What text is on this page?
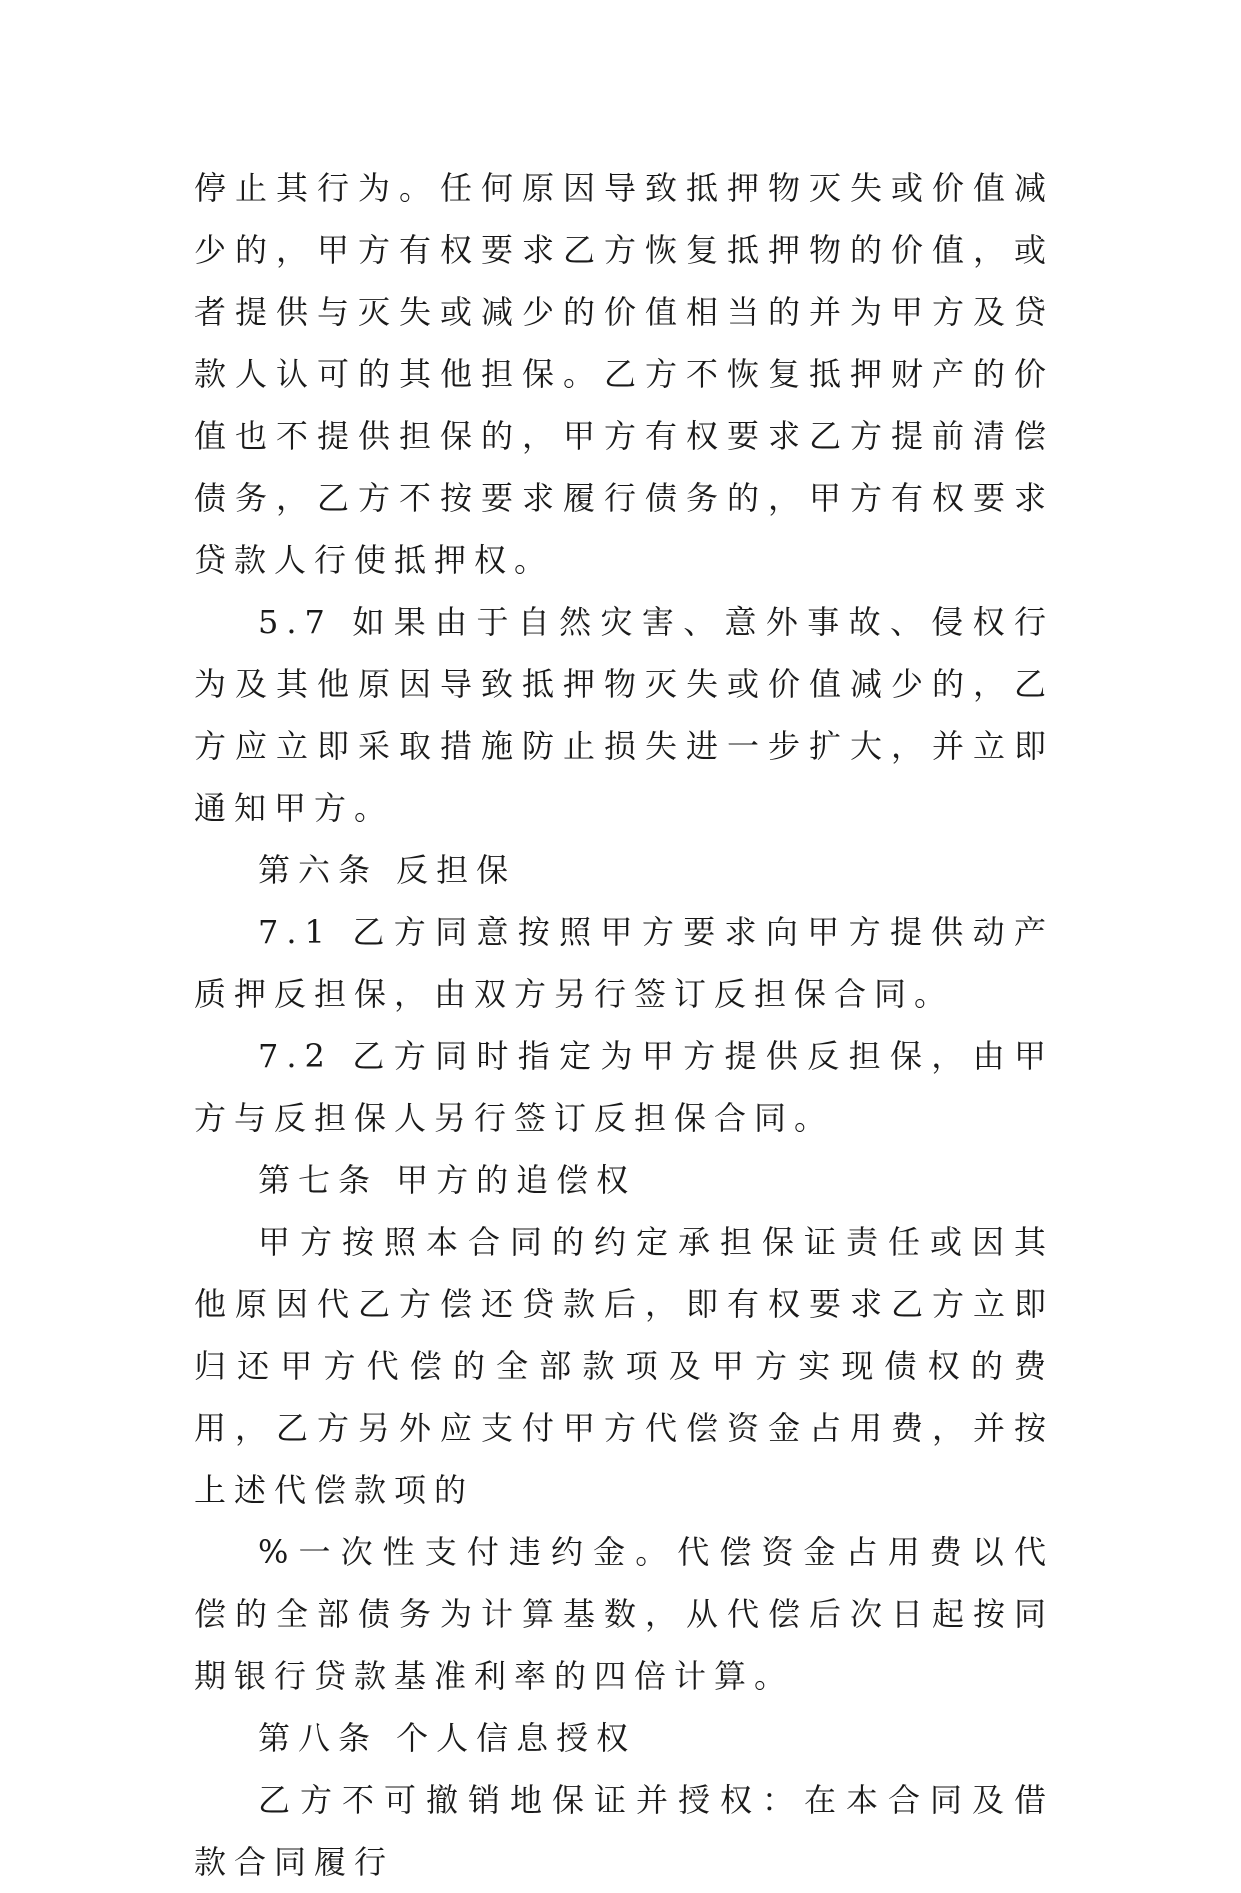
停止其行为。任何原因导致抵押物灭失或价值减少的，甲方有权要求乙方恢复抵押物的价值，或者提供与灭失或减少的价值相当的并为甲方及贷款人认可的其他担保。乙方不恢复抵押财产的价值也不提供担保的，甲方有权要求乙方提前清偿债务，乙方不按要求履行债务的，甲方有权要求贷款人行使抵押权。

5.7 如果由于自然灾害、意外事故、侵权行为及其他原因导致抵押物灭失或价值减少的，乙方应立即采取措施防止损失进一步扩大，并立即通知甲方。

第六条 反担保

7.1 乙方同意按照甲方要求向甲方提供动产质押反担保，由双方另行签订反担保合同。

7.2 乙方同时指定为甲方提供反担保，由甲方与反担保人另行签订反担保合同。

第七条 甲方的追偿权

甲方按照本合同的约定承担保证责任或因其他原因代乙方偿还贷款后，即有权要求乙方立即归还甲方代偿的全部款项及甲方实现债权的费用，乙方另外应支付甲方代偿资金占用费，并按上述代偿款项的

%一次性支付违约金。代偿资金占用费以代偿的全部债务为计算基数，从代偿后次日起按同期银行贷款基准利率的四倍计算。

第八条 个人信息授权

乙方不可撤销地保证并授权：在本合同及借款合同履行
